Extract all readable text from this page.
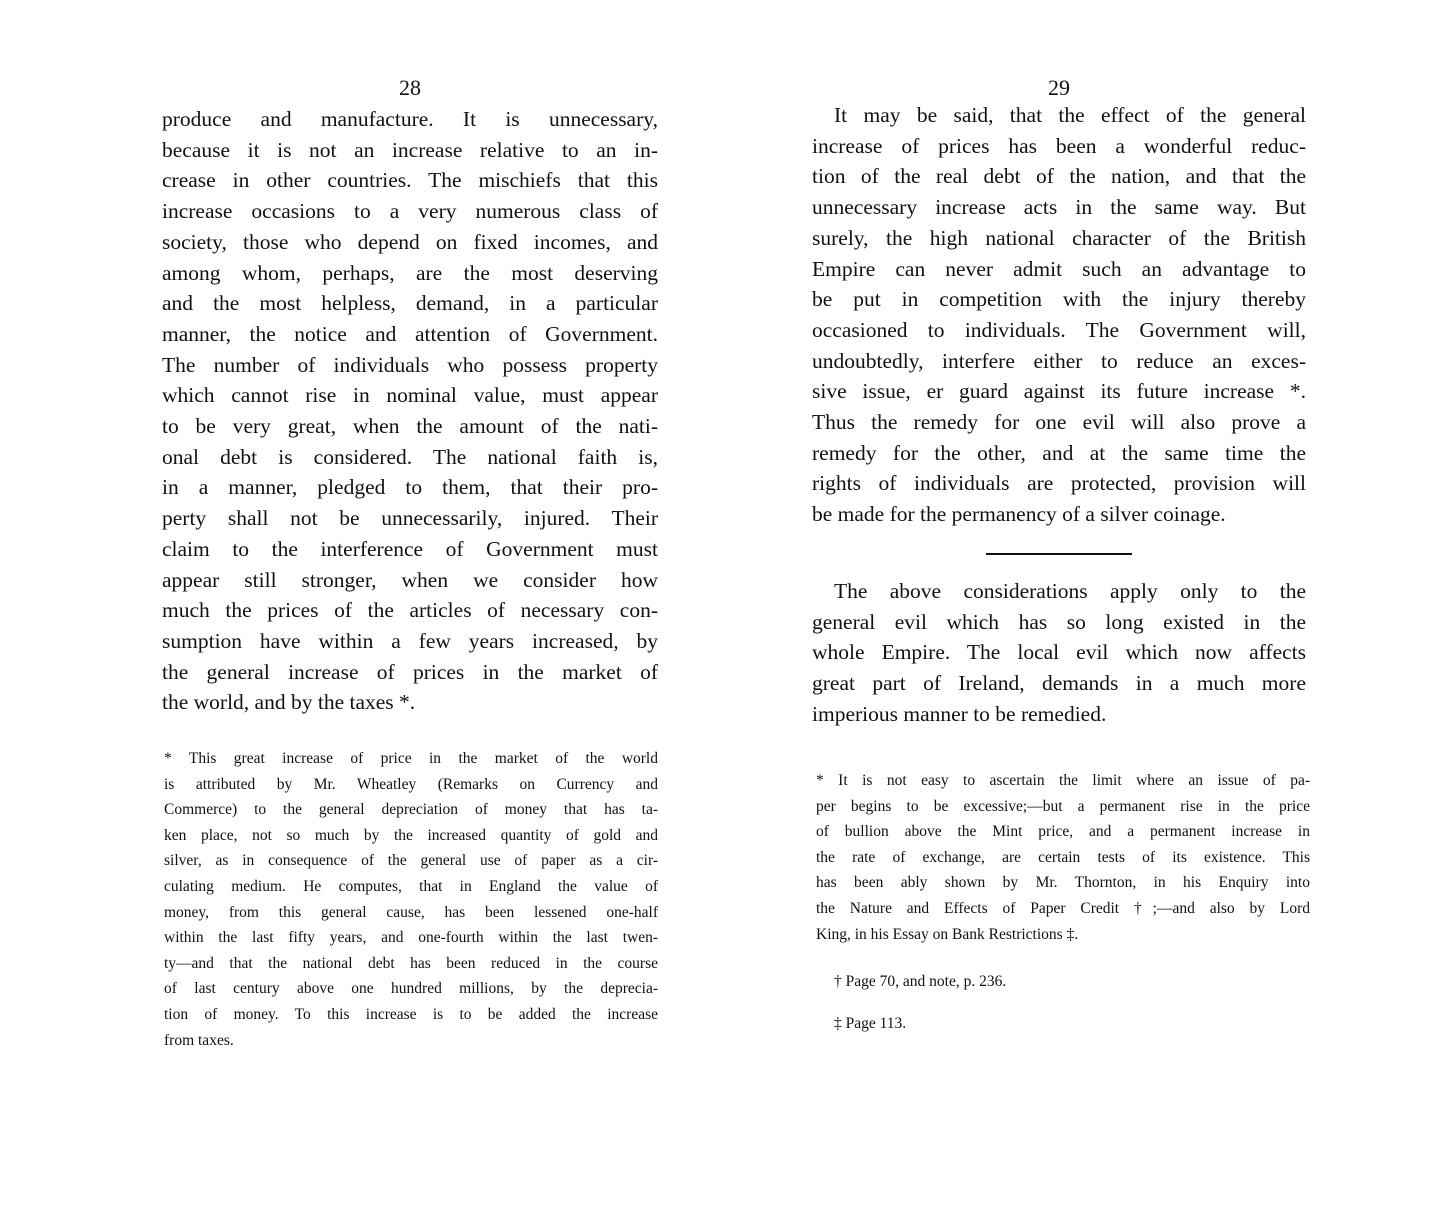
28
produce and manufacture. It is unnecessary,
because it is not an increase relative to an in-
crease in other countries. The mischiefs that this
increase occasions to a very numerous class of
society, those who depend on fixed incomes, and
among whom, perhaps, are the most deserving
and the most helpless, demand, in a particular
manner, the notice and attention of Government.
The number of individuals who possess property
which cannot rise in nominal value, must appear
to be very great, when the amount of the nati-
onal debt is considered. The national faith is,
in a manner, pledged to them, that their pro-
perty shall not be unnecessarily, injured. Their
claim to the interference of Government must
appear still stronger, when we consider how
much the prices of the articles of necessary con-
sumption have within a few years increased, by
the general increase of prices in the market of
the world, and by the taxes *.
* This great increase of price in the market of the world
is attributed by Mr. Wheatley (Remarks on Currency and
Commerce) to the general depreciation of money that has ta-
ken place, not so much by the increased quantity of gold and
silver, as in consequence of the general use of paper as a cir-
culating medium. He computes, that in England the value of
money, from this general cause, has been lessened one-half
within the last fifty years, and one-fourth within the last twen-
ty—and that the national debt has been reduced in the course
of last century above one hundred millions, by the deprecia-
tion of money. To this increase is to be added the increase
from taxes.
29
It may be said, that the effect of the general
increase of prices has been a wonderful reduc-
tion of the real debt of the nation, and that the
unnecessary increase acts in the same way. But
surely, the high national character of the British
Empire can never admit such an advantage to
be put in competition with the injury thereby
occasioned to individuals. The Government will,
undoubtedly, interfere either to reduce an exces-
sive issue, er guard against its future increase *.
Thus the remedy for one evil will also prove a
remedy for the other, and at the same time the
rights of individuals are protected, provision will
be made for the permanency of a silver coinage.
The above considerations apply only to the
general evil which has so long existed in the
whole Empire. The local evil which now affects
great part of Ireland, demands in a much more
imperious manner to be remedied.
* It is not easy to ascertain the limit where an issue of pa-
per begins to be excessive;—but a permanent rise in the price
of bullion above the Mint price, and a permanent increase in
the rate of exchange, are certain tests of its existence. This
has been ably shown by Mr. Thornton, in his Enquiry into
the Nature and Effects of Paper Credit †;—and also by Lord
King, in his Essay on Bank Restrictions ‡.
† Page 70, and note, p. 236.
‡ Page 113.
